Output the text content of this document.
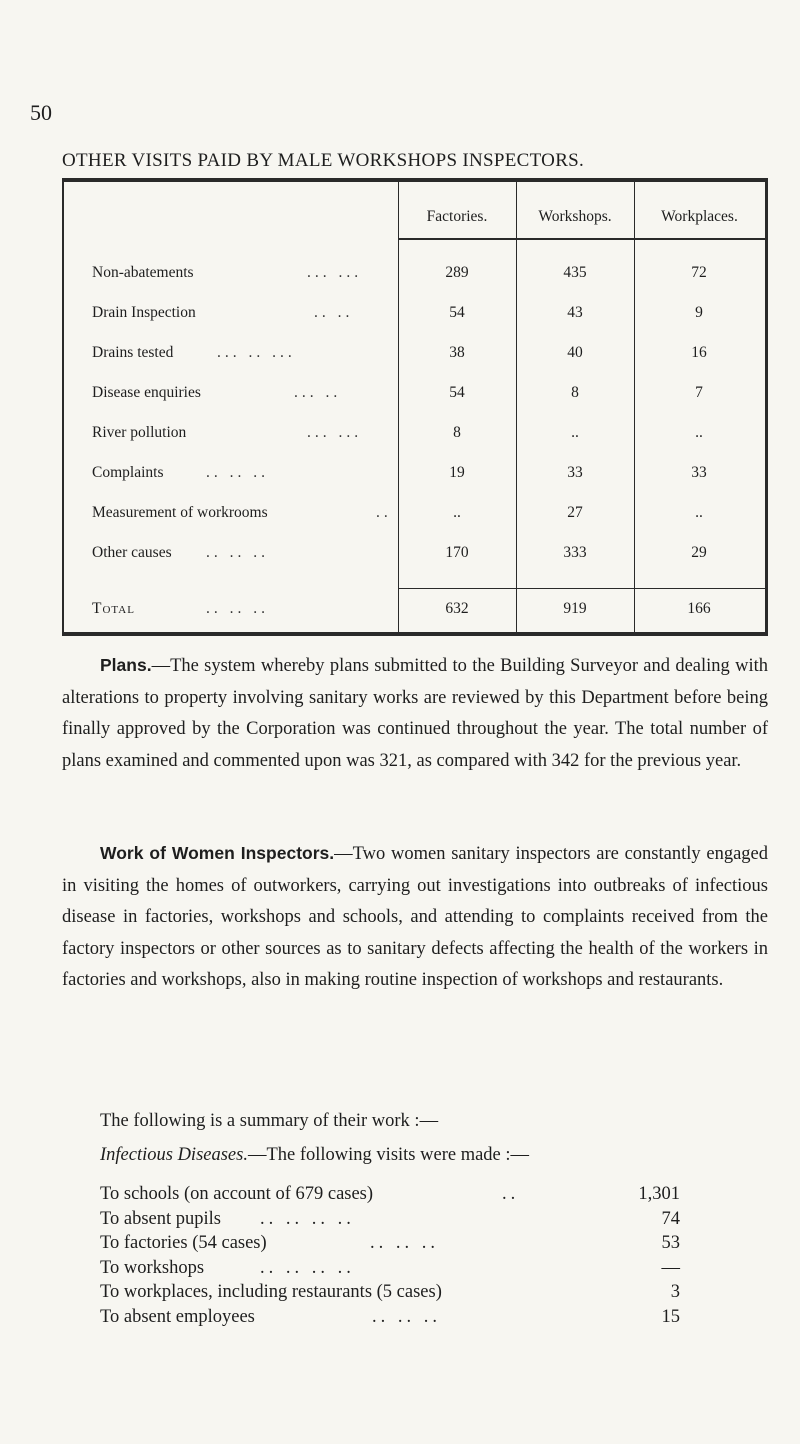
50
OTHER VISITS PAID BY MALE WORKSHOPS INSPECTORS.
Factories.	Workshops.	Workplaces.
Non-abatements	... ...	289	435	72
Drain Inspection	.. ..	54	43	9
Drains tested	... .. ...	38	40	16
Disease enquiries	... ..	54	8	7
River pollution	... ...	8	..	..
Complaints	.. .. ..	19	33	33
Measurement of workrooms	..	..	27	..
Other causes .. .. ..	170	333	29
Total	.. .. ..	632	919	166
Plans.—The system whereby plans submitted to the Building Surveyor and dealing with alterations to property involving sanitary works are reviewed by this Department before being finally approved by the Corporation was continued throughout the year. The total number of plans examined and commented upon was 321, as compared with 342 for the previous year.
Work of Women Inspectors.—Two women sanitary inspectors are constantly engaged in visiting the homes of outworkers, carrying out investigations into outbreaks of infectious disease in factories, workshops and schools, and attending to complaints received from the factory inspectors or other sources as to sanitary defects affecting the health of the workers in factories and workshops, also in making routine inspection of workshops and restaurants.
The following is a summary of their work :—
Infectious Diseases.—The following visits were made :—
To schools (on account of 679 cases)	..	1,301
To absent pupils .. .. .. ..	74
To factories (54 cases)	.. .. ..	53
To workshops	.. .. .. ..	—
To workplaces, including restaurants (5 cases)	3
To absent employees	.. .. ..	15
